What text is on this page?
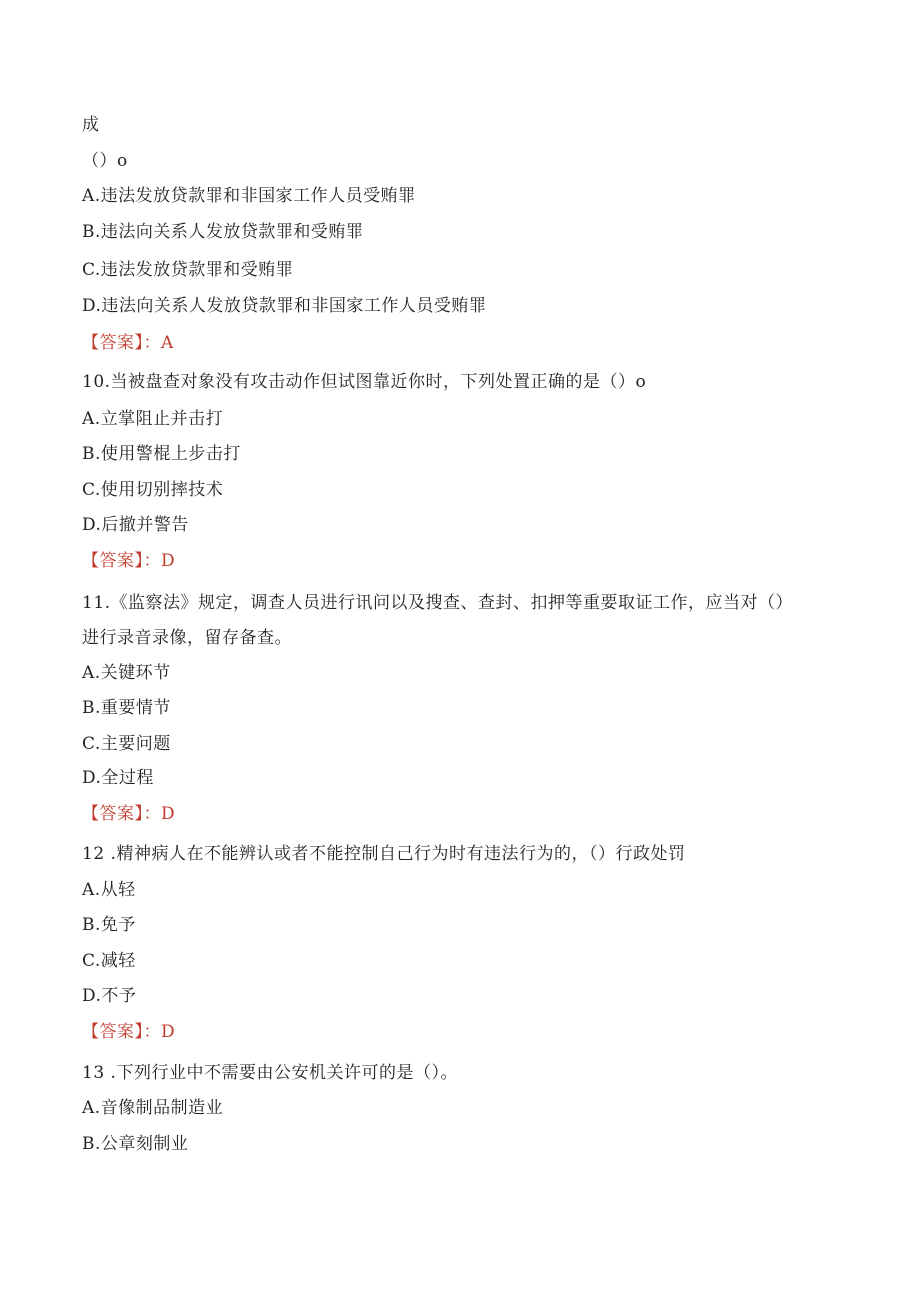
成
（）o
A.违法发放贷款罪和非国家工作人员受贿罪
B.违法向关系人发放贷款罪和受贿罪
C.违法发放贷款罪和受贿罪
D.违法向关系人发放贷款罪和非国家工作人员受贿罪
【答案】：A
10.当被盘查对象没有攻击动作但试图靠近你时，下列处置正确的是（）o
A.立掌阻止并击打
B.使用警棍上步击打
C.使用切别摔技术
D.后撤并警告
【答案】：D
11.《监察法》规定，调查人员进行讯问以及搜查、查封、扣押等重要取证工作，应当对（）
进行录音录像，留存备查。
A.关键环节
B.重要情节
C.主要问题
D.全过程
【答案】：D
12 .精神病人在不能辨认或者不能控制自己行为时有违法行为的，（）行政处罚
A.从轻
B.免予
C.减轻
D.不予
【答案】：D
13 .下列行业中不需要由公安机关许可的是（）。
A.音像制品制造业
B.公章刻制业
